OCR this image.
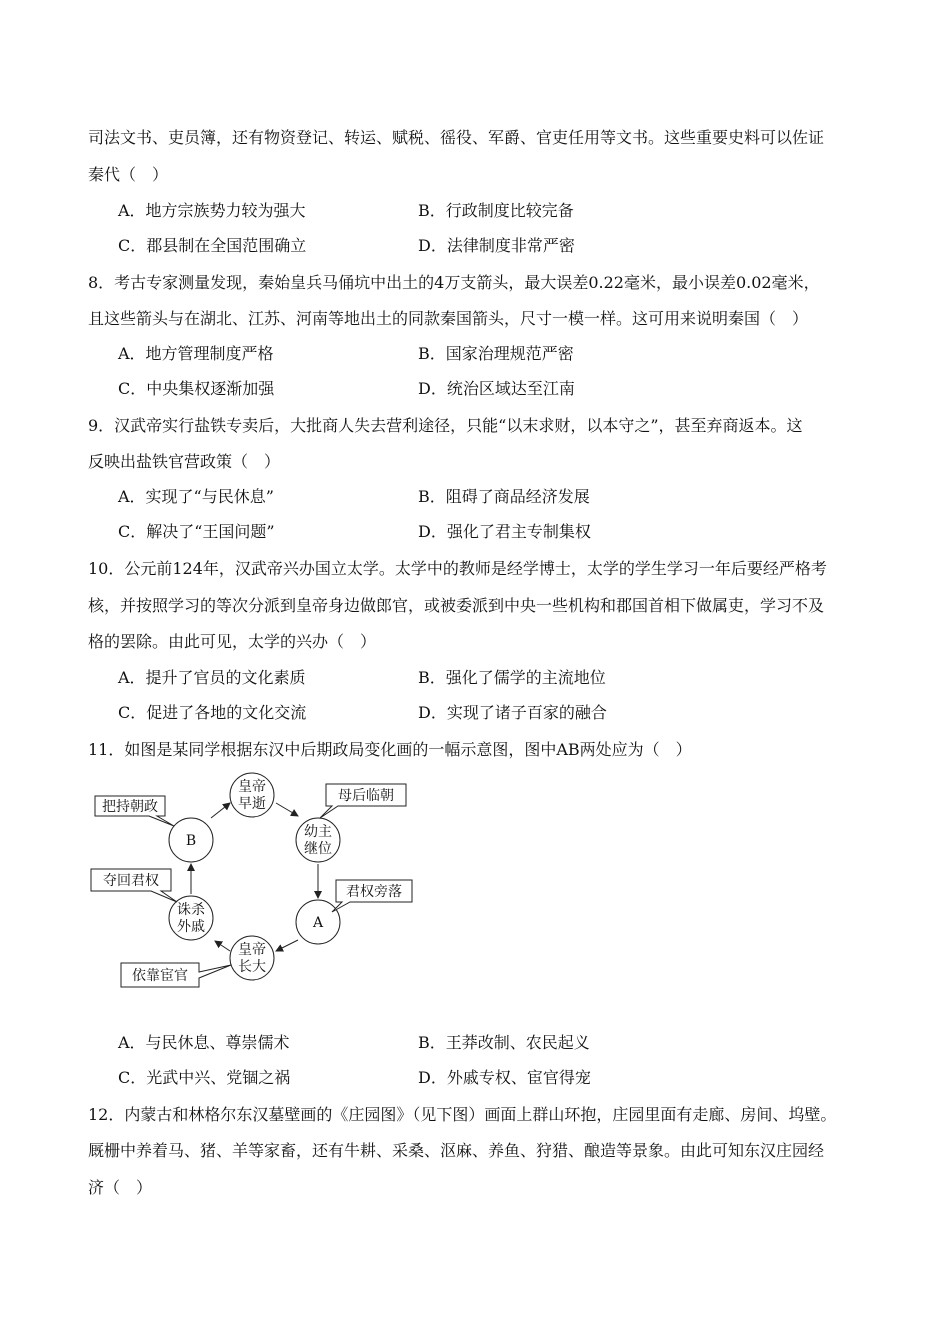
司法文书、吏员簿，还有物资登记、转运、赋税、徭役、军爵、官吏任用等文书。这些重要史料可以佐证
秦代（　）
A．地方宗族势力较为强大	B．行政制度比较完备
C．郡县制在全国范围确立	D．法律制度非常严密
8．考古专家测量发现，秦始皇兵马俑坑中出土的4万支箭头，最大误差0.22毫米，最小误差0.02毫米，
且这些箭头与在湖北、江苏、河南等地出土的同款秦国箭头，尺寸一模一样。这可用来说明秦国（　）
A．地方管理制度严格	B．国家治理规范严密
C．中央集权逐渐加强	D．统治区域达至江南
9．汉武帝实行盐铁专卖后，大批商人失去营利途径，只能“以末求财，以本守之”，甚至弃商返本。这
反映出盐铁官营政策（　）
A．实现了“与民休息”	B．阻碍了商品经济发展
C．解决了“王国问题”	D．强化了君主专制集权
10．公元前124年，汉武帝兴办国立太学。太学中的教师是经学博士，太学的学生学习一年后要经严格考
核，并按照学习的等次分派到皇帝身边做郎官，或被委派到中央一些机构和郡国首相下做属吏，学习不及
格的罢除。由此可见，太学的兴办（　）
A．提升了官员的文化素质	B．强化了儒学的主流地位
C．促进了各地的文化交流	D．实现了诸子百家的融合
11．如图是某同学根据东汉中后期政局变化画的一幅示意图，图中AB两处应为（　）
皇帝
早逝
幼主
继位
A
皇帝
长大
诛杀
外戚
B
把持朝政
母后临朝
君权旁落
夺回君权
依靠宦官
A．与民休息、尊崇儒术	B．王莽改制、农民起义
C．光武中兴、党锢之祸	D．外戚专权、宦官得宠
12．内蒙古和林格尔东汉墓壁画的《庄园图》（见下图）画面上群山环抱，庄园里面有走廊、房间、坞壁。
厩栅中养着马、猪、羊等家畜，还有牛耕、采桑、沤麻、养鱼、狩猎、酿造等景象。由此可知东汉庄园经
济（　）
